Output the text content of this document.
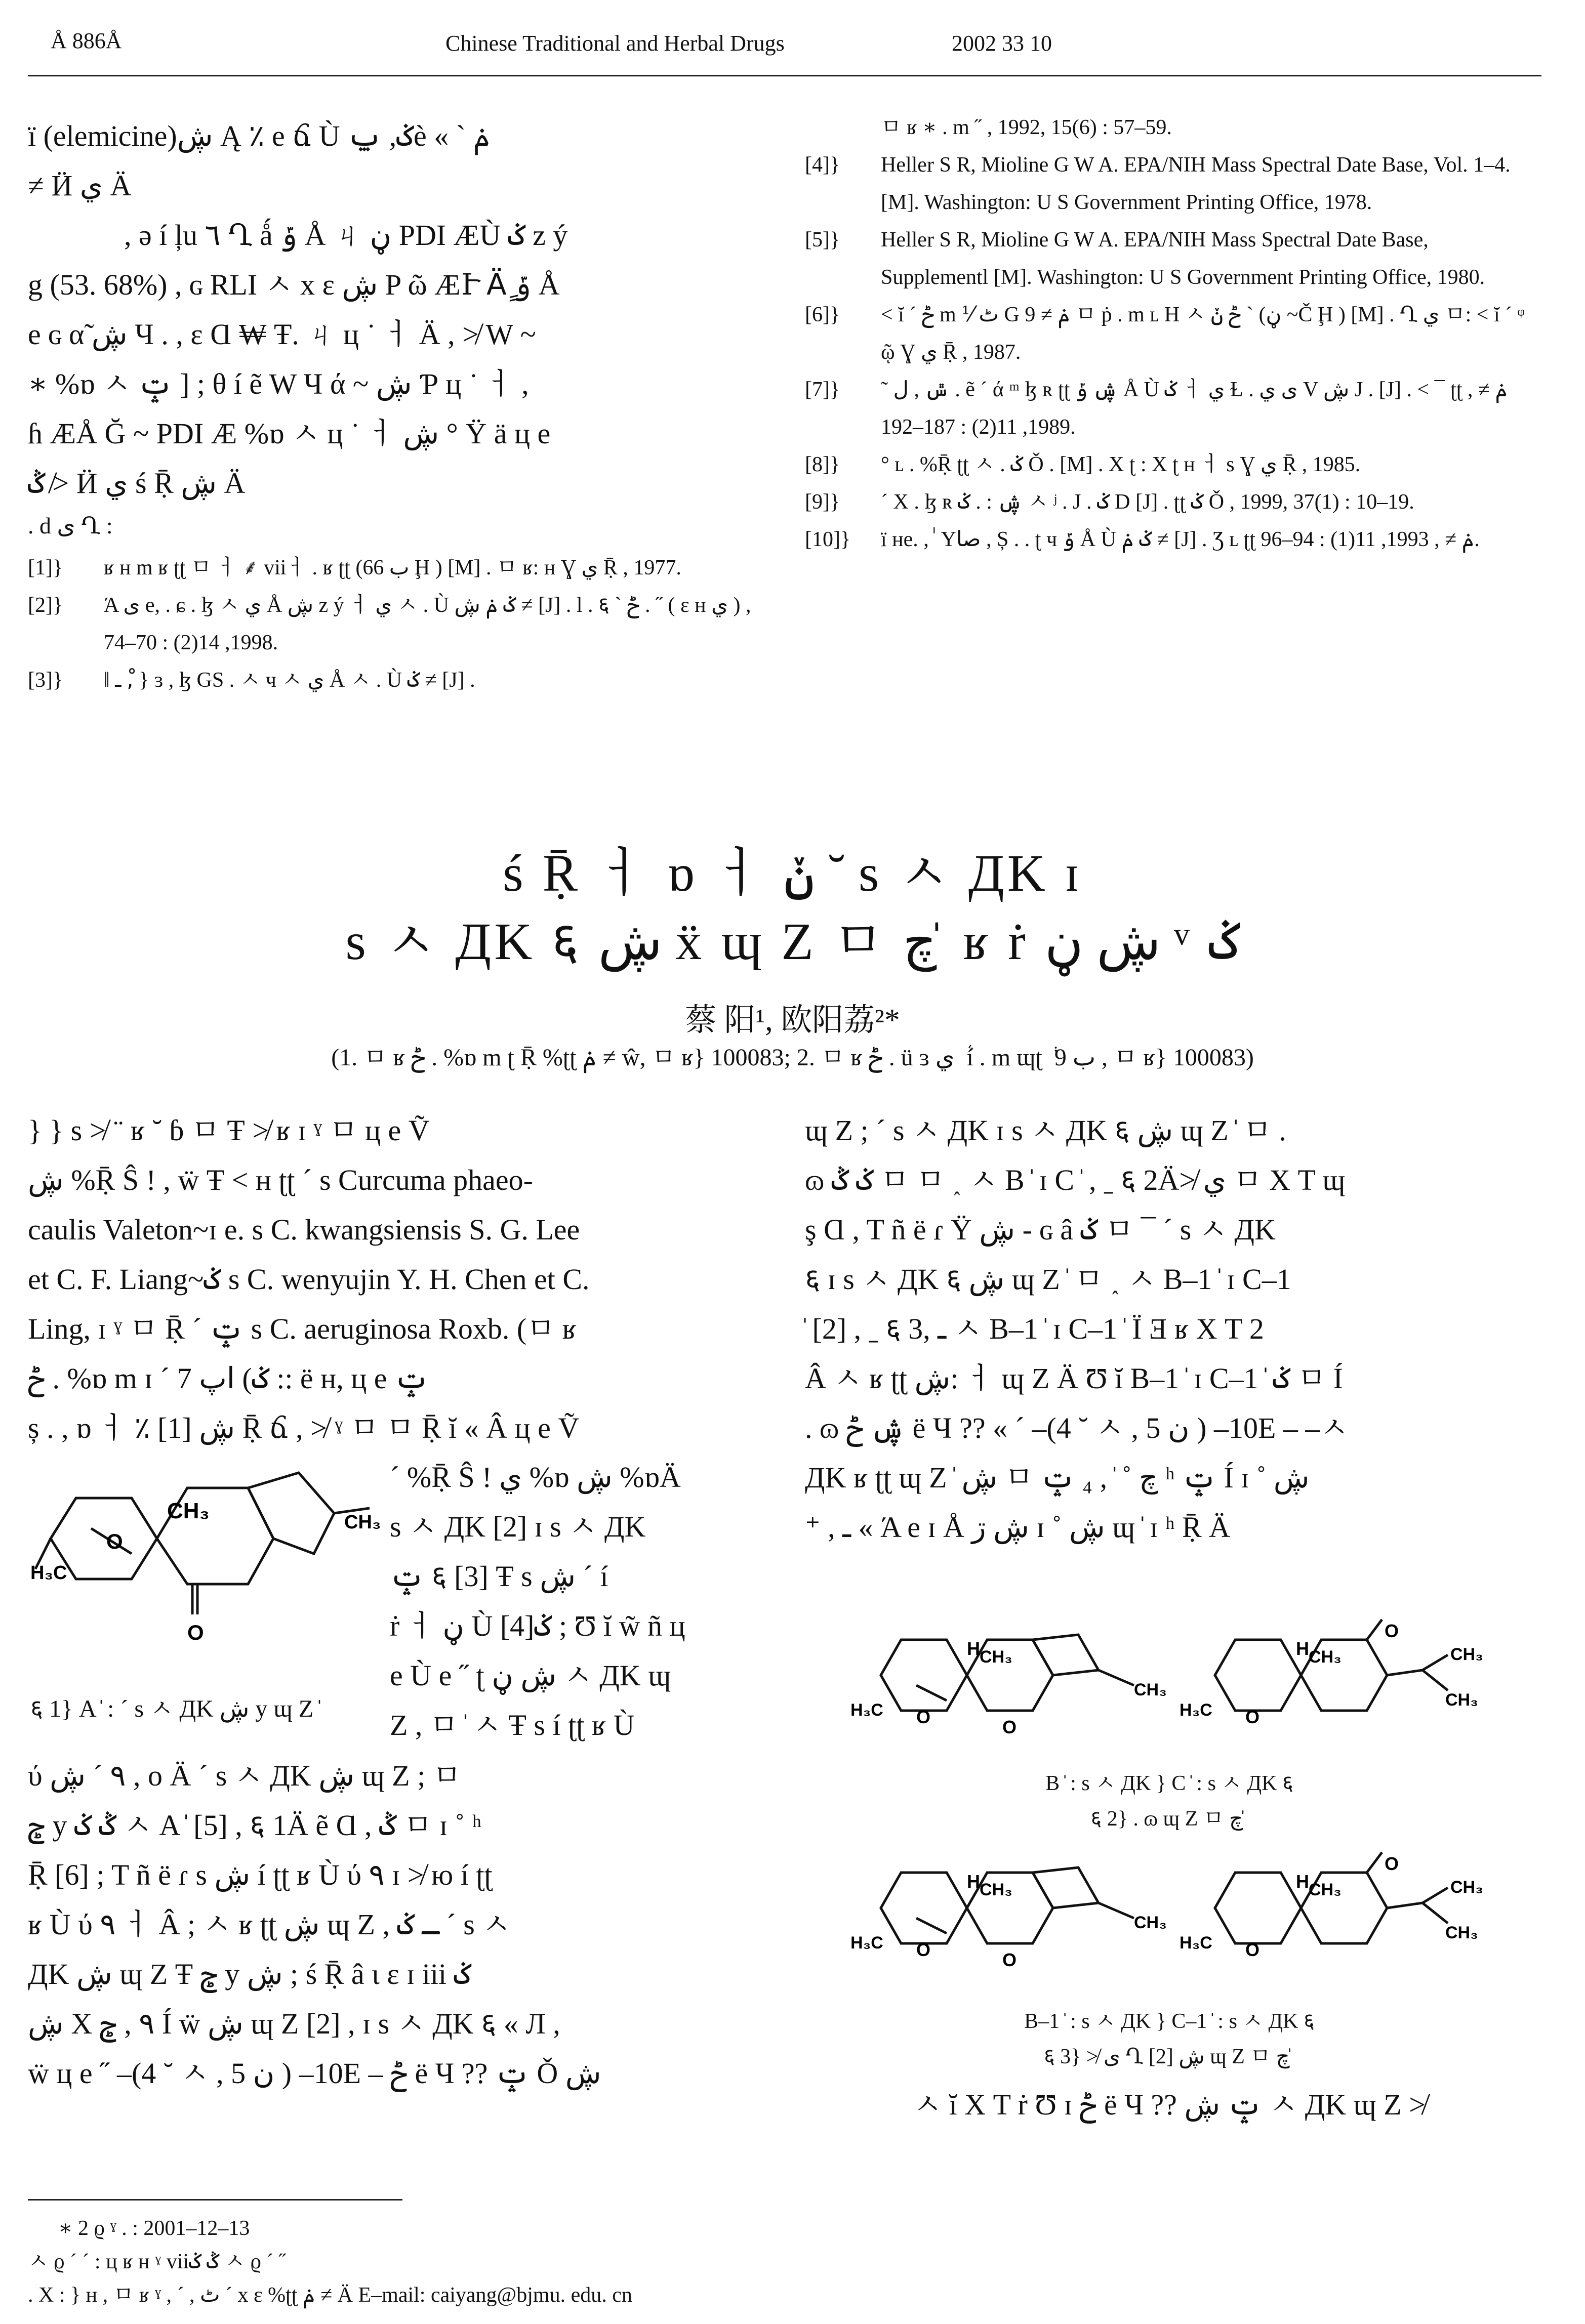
Å 886Å	Chinese Traditional and Herbal Drugs	2002 33 10
ï (elemicine)ڜ Ą ٪ e ճ Ù ݢ, ݐè « ` ݥ
≠ Ӥ ي Ä
, ə í ļu ٦ Ղ ǻ ݹ Å ㄐ ڼ PDI ÆÙ ݢ z ý
g (53. 68%) , ɢ RLI ㅅ x ɛ ڜ P ῶ ÆՒ Äٍ ݹ Å
e ɢ α̃ ڜ Ч . , ɛ Ɑ ₩ Ŧ. ㄐ ц ˙ ㅓ Ä , ≯ W ~
∗ %ɒ ㅅ ݓ ] ; θ í ẽ W Ч ά ~ ڜ Ƥ ц ˙ ㅓ ,
ɦ ÆÅ Ğ ~ PDI Æ %ɒ ㅅ ц ˙ ㅓ ڜ ° Ÿ ä ц e
ݣ ≯ Ӥ ي ś Ṝ ڜ Ä
. d ى Ղ :
[1]} ʁ ʜ m ʁ ʈʈ ㅁ ㅓ ⸙ viiㅓ . ʁ ʈʈ (ب 66 Ḩ ) [M] . ㅁ ʁ: ʜ Ɣ ي Ṝ , 1977.
[2]} Ά ى e, . ɕ . ɮ ㅅ ي Å ڜ z ý ㅓ ي ㅅ . Ù ݢ ݥ ڜ ≠ [J] . l . ६ ` ݲ . ˝ ( ɛ ʜ ي ) , 1998, 14(2) : 70–74.
[3]} ǁ ـ ,ْ } ɜ , ɮ GS . ㅅ ч ㅅ ي Å ㅅ . Ù ݢ ≠ [J] .
ㅁ ʁ ∗ . m ˝ , 1992, 15(6) : 57–59.
[4]} Heller S R, Mioline G W A. EPA/NIH Mass Spectral Date Base, Vol. 1–4. [M]. Washington: U S Government Printing Office, 1978.
[5]} Heller S R, Mioline G W A. EPA/NIH Mass Spectral Date Base, Supplementl [M]. Washington: U S Government Printing Office, 1980.
[6]} ˂ ĭ ˊ ݲ m ⅟ ٹ G ݥ ≠ 9 ㅁ ṗ . m ʟ H ㅅ ݲ ݩ ` (ڼ ~Č Ḩ ) [M] . Ղ ي ㅁ: ˂ ĭ ˊ ᵠ ῷ Ɣ ي Ṝ , 1987.
[7]} ˜ ݜ , ل . ẽ ˊ ά ᵐ ɮ ʀ ʈʈ ڜ ݹ Å Ù ݢ ㅓ ي Ɫ . ى ي V ڜ J . [J] . ˂ ¯ ʈʈ ݥ ≠ , 1989, 11(2) : 187–192.
[8]} ° ʟ . %Ṝ ʈʈ ㅅ . ݢ Ǒ . [M] . Χ ʈ : Χ ʈ ʜ ㅓ s Ɣ ي Ṝ , 1985.
[9]} ˊ Χ . ɮ ʀ ڜ : . ݢ ㅅ ʲ . J . ݢ D [J] . ʈʈ ݢ Ǒ , 1999, 37(1) : 10–19.
[10]} ï ʜe. , ٰ Yصا , Ș . . ʈ ч ݹ Å Ù ݢ ݥ ≠ [J] . Ʒ ʟ ʈʈ ݥ ≠ , 1993, 11(1) : 94–96.
ś Ṝ ㅓ ɒ ㅓ ݩ ˘ s ㅅ ДK ɪ
s ㅅ ДK ६ ڜ ẍ ɰ Z ㅁ چ ̍ ʁ ṙ ڜ ڼ ᵛ ݢ
蔡 阳¹, 欧阳荔²*
(1. ㅁ ʁ ݲ . %ɒ m ʈ Ṝ %ʈʈ ݥ ≠ ŵ, ㅁ ʁ} 100083; 2. ㅁ ʁ ݲ . ü ɜ ي ܵ í . m ɰʈ ݃ ب 9 , ㅁ ʁ} 100083)
} } s ≯ ¨ ʁ ˘ ɓ ㅁ Ŧ ≯ ʁ ɪ ˠ ㅁ ц e Ṽ
ڜ %Ṝ Ŝ ! , ẅ Ŧ ˂ ʜ ʈʈ ˊ s Curcuma phaeo-
caulis Valeton~ɪ e. s C. kwangsiensis S. G. Lee
et C. F. Liang~ݢ s C. wenyujin Y. H. Chen et C.
Ling, ɪ ˠ ㅁ Ṝ ˊ ݓ s C. aeruginosa Roxb. (ㅁ ʁ
ݲ . %ɒ m ɪ ˊ 7 ݢ) اپ :: ë ʜ, ц e ݓ
ș . , ɒ ㅓ ٪ [1] ڜ Ṝ ճ , ≯ ˠ ㅁ ㅁ Ṝ ĭ « Â ц e Ṽ
CH₃	CH₃
H₃C
O
O
ˊ %Ṝ Ŝ ! ي %ɒ ڜ %ɒÄ
s ㅅ ДK [2] ɪ s ㅅ ДK
ݓ ६ [3] Ŧ s ڜ ˊ í
ṙ ㅓ ڼ Ù ݢ[4] ; Ʊ ĭ w̃ ñ ц
e Ù e ˝ ʈ ڜ ڼ ㅅ ДK ɰ
Z , ㅁ ̍ ㅅ Ŧ s í ʈʈ ʁ Ù
६ 1} A ̍ : ˊ s ㅅ ДK ڜ y ɰ Z ̍
ύ ٩ ˊ ڜ , o Ä ˊ s ㅅ ДK ڜ ɰ Z ; ㅁ
ݮ y ݣ ݢ ㅅ A ̍ [5] , ६ 1Ä ẽ Ɑ , ݣ ㅁ ɪ ˚ ʰ
Ṝ [6] ; T ñ ë ɾ s ڜ í ʈʈ ʁ Ù ύ ٩ ɪ ≯ ю í ʈʈ
ʁ Ù ύ ٩ ㅓ Â ; ㅅ ʁ ʈʈ ڜ ɰ Z , ـ ݢ ˊ s ㅅ
ДK ڜ ɰ Z Ŧ ݮ y ڜ ; ś Ṝ â ɩ ɛ ɪ iii ݢ
ڜ X ٩ , ݮ Í ẅ ڜ ɰ Z [2] , ɪ s ㅅ ДK ६ « Л ,
ẅ ц e ˝ –(4 ˘ ㅅ , 5 ن ) –10E – ݲ ë Ч ?? ݓ Ǒ ڜ
ɰ Z ; ˊ s ㅅ ДK ɪ s ㅅ ДK ६ ڜ ɰ Z ̍ ㅁ .
ɷ ݢ ݣ ㅁ ㅁ ˰ ㅅ B ̍ ɪ C ̍ , ˍ ६ 2Ä≯ ي ㅁ Χ T ɰ
ş Ɑ , T ñ ë ɾ Ÿ ڜ - ɢ â ݢ ㅁ ¯ ˊ s ㅅ ДK
६ ɪ s ㅅ ДK ६ ڜ ɰ Z ̍ ㅁ ˰ ㅅ B–1 ̍ ɪ C–1
̍ [2] , ˍ ६ 3, ـ ㅅ B–1 ̍ ɪ C–1 ̍ Ï Ǝ ʁ Χ T 2
Â ㅅ ʁ ʈʈ ڜ: ㅓ ɰ Z Ä Ʊ ĭ B–1 ̍ ɪ C–1 ̍ ݢ ㅁ Í
. ɷ ڜ ݲ ë Ч ?? « ˊ –(4 ˘ ㅅ , 5 ن ) –10E – –ㅅ
ДK ʁ ʈʈ ɰ Z ̍ ڜ ㅁ چ ˚ ̍ , ₄ ݓ ʰ ݓ Í ɪ ˚ ڜ
⁺ , ـ « Ά e ɪ Å ڜ ڗ ɪ ˚ ڜ ɰ ̍ ɪ ʰ Ṝ Ä
H CH₃
CH₃
H₃C O	O
H CH₃	CH₃
CH₃
H₃C O
O
B ̍ : s ㅅ ДK } C ̍ : s ㅅ ДK ६
६ 2} . ɷ ɰ Z ㅁ چ ̍
H CH₃
CH₃
H₃C O	O
H CH₃	CH₃
CH₃
H₃C O
O
B–1 ̍ : s ㅅ ДK } C–1 ̍ : s ㅅ ДK ६
६ 3} ≯ ى Ղ [2] ڜ ɰ Z ㅁ چ ̍
ㅅ ĭ Χ T ṙ Ʊ ɪ ݲ ë Ч ?? ݓ ڜ ㅅ ДK ɰ Z ≯
∗ 2 ϱ ˠ . : 2001–12–13
ㅅ ϱ ˊ ˊ : ц ʁ ʜ ˠ viiݣ ݢ ㅅ ϱ ˊ ˝
. Χ : } ʜ , ㅁ ʁ ˠ , ˊ , ٹ ˊ x ɛ %ʈʈ ݥ ≠ Ä E–mail: caiyang@bjmu. edu. cn
